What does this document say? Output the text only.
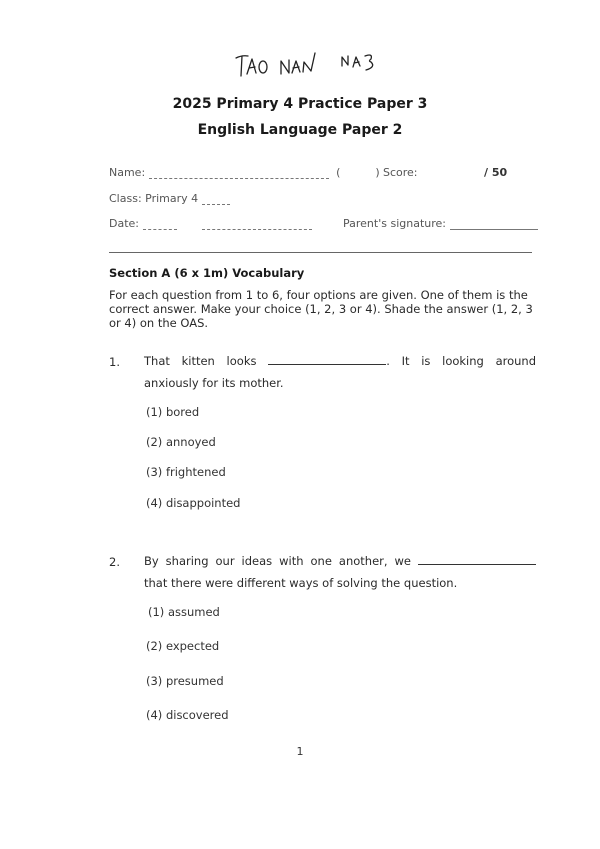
2025 Primary 4 Practice Paper 3
English Language Paper 2
Name:	(          ) Score:	/ 50
Class: Primary 4
Date:	Parent's signature:
Section A (6 x 1m) Vocabulary
For each question from 1 to 6, four options are given. One of them is the correct answer. Make your choice (1, 2, 3 or 4). Shade the answer (1, 2, 3 or 4) on the OAS.
1. That kitten looks	. It is looking around anxiously for its mother.
(1) bored
(2) annoyed
(3) frightened
(4) disappointed
2. By sharing our ideas with one another, we  that there were different ways of solving the question.
(1) assumed
(2) expected
(3) presumed
(4) discovered
1
